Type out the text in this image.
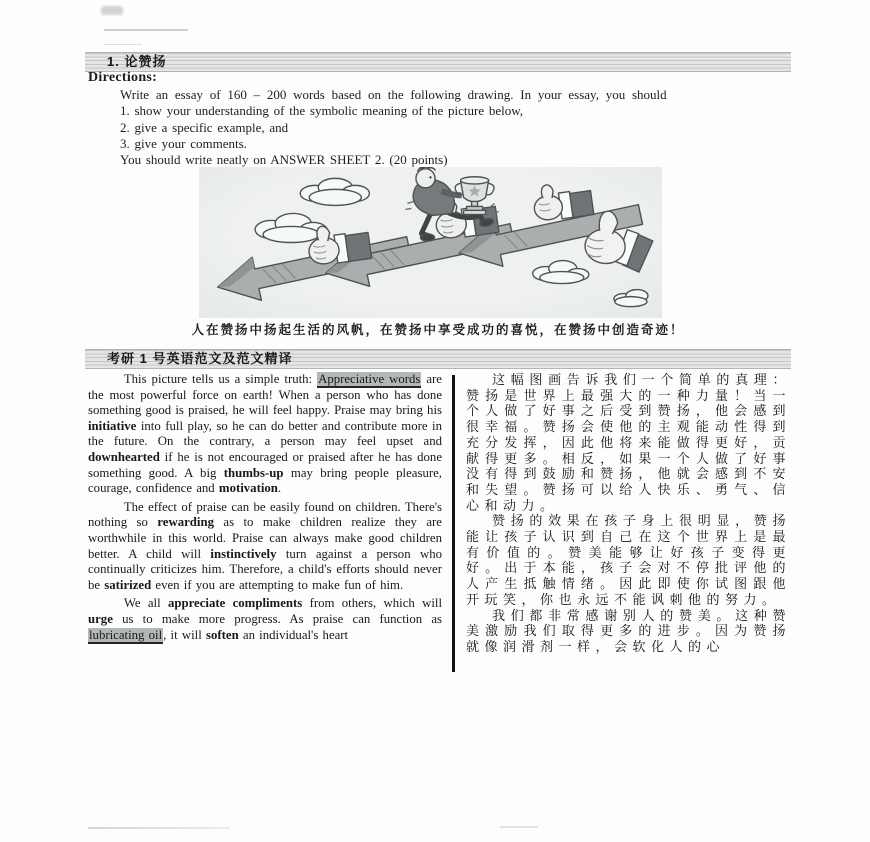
1. 论赞扬
Directions:
Write an essay of 160 – 200 words based on the following drawing. In your essay, you should
1. show your understanding of the symbolic meaning of the picture below,
2. give a specific example, and
3. give your comments.
You should write neatly on ANSWER SHEET 2. (20 points)
人在赞扬中扬起生活的风帆，在赞扬中享受成功的喜悦，在赞扬中创造奇迹！
考研 1 号英语范文及范文精译

This picture tells us a simple truth: Appreciative words are the most powerful force on earth! When a person who has done something good is praised, he will feel happy. Praise may bring his initiative into full play, so he can do better and contribute more in the future. On the contrary, a person may feel upset and downhearted if he is not encouraged or praised after he has done something good. A big thumbs-up may bring people pleasure, courage, confidence and motivation.

The effect of praise can be easily found on children. There's nothing so rewarding as to make children realize they are worthwhile in this world. Praise can always make good children better. A child will instinctively turn against a person who continually criticizes him. Therefore, a child's efforts should never be satirized even if you are attempting to make fun of him.

We all appreciate compliments from others, which will urge us to make more progress. As praise can function as lubricating oil, it will soften an individual's heart

这幅图画告诉我们一个简单的真理：赞扬是世界上最强大的一种力量！当一个人做了好事之后受到赞扬，他会感到很幸福。赞扬会使他的主观能动性得到充分发挥，因此他将来能做得更好，贡献得更多。相反，如果一个人做了好事没有得到鼓励和赞扬，他就会感到不安和失望。赞扬可以给人快乐、勇气、信心和动力。

赞扬的效果在孩子身上很明显，赞扬能让孩子认识到自己在这个世界上是最有价值的。赞美能够让好孩子变得更好。出于本能，孩子会对不停批评他的人产生抵触情绪。因此即使你试图跟他开玩笑，你也永远不能讽刺他的努力。

我们都非常感谢别人的赞美。这种赞美激励我们取得更多的进步。因为赞扬就像润滑剂一样，会软化人的心
